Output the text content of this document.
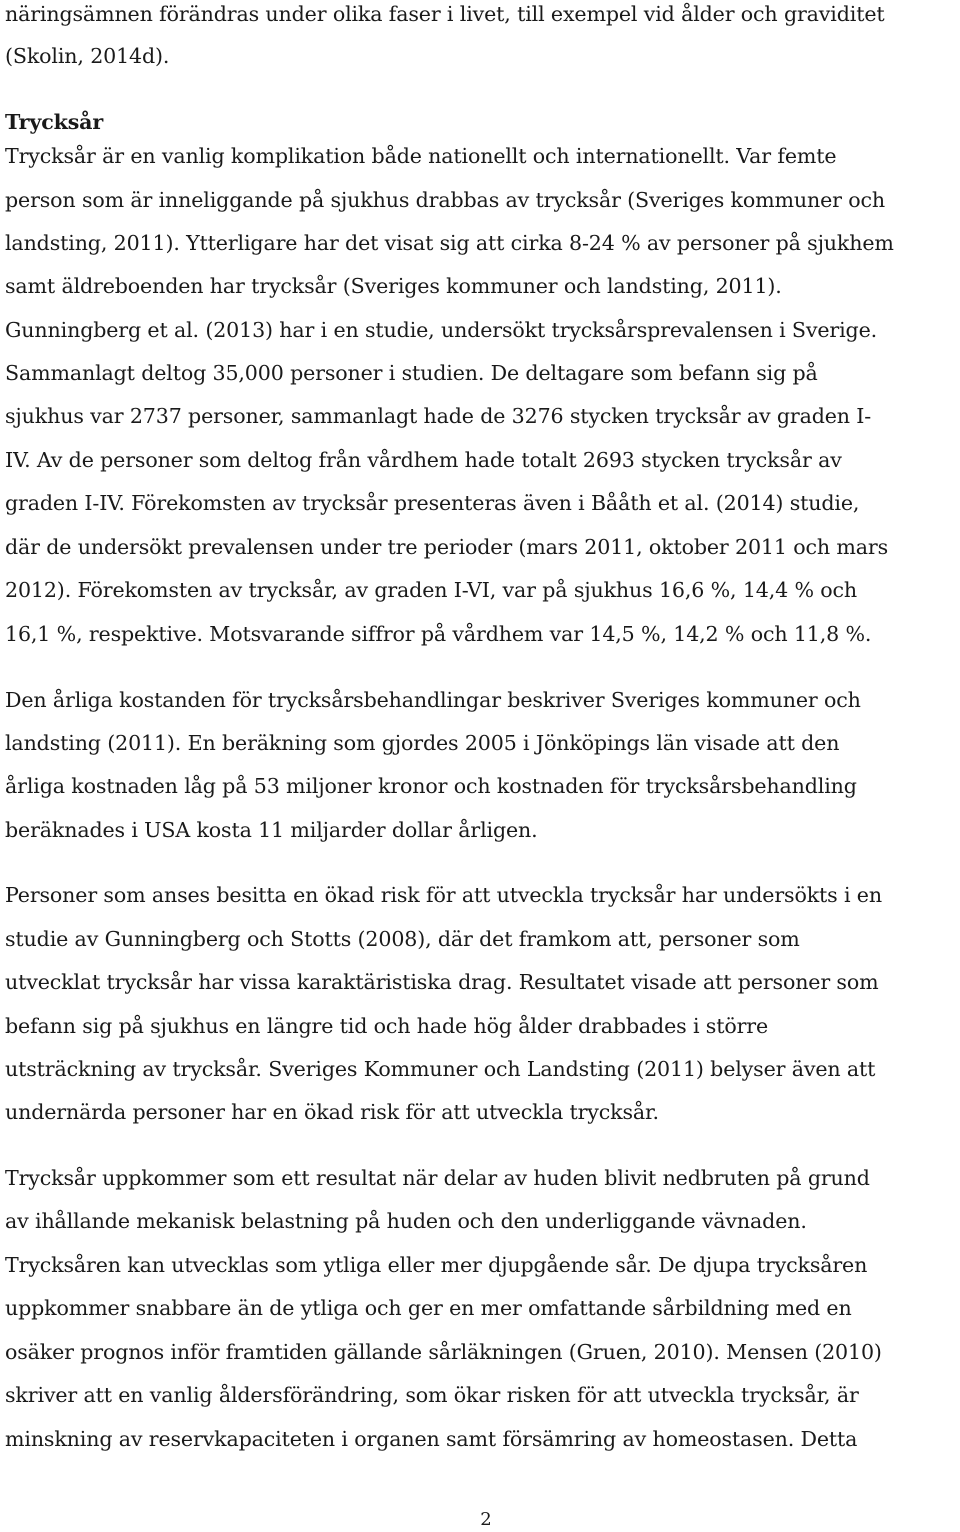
näringsämnen förändras under olika faser i livet, till exempel vid ålder och graviditet
(Skolin, 2014d).
Trycksår
Trycksår är en vanlig komplikation både nationellt och internationellt. Var femte
person som är inneliggande på sjukhus drabbas av trycksår (Sveriges kommuner och
landsting, 2011). Ytterligare har det visat sig att cirka 8-24 % av personer på sjukhem
samt äldreboenden har trycksår (Sveriges kommuner och landsting, 2011).
Gunningberg et al. (2013) har i en studie, undersökt trycksårsprevalensen i Sverige.
Sammanlagt deltog 35,000 personer i studien. De deltagare som befann sig på
sjukhus var 2737 personer, sammanlagt hade de 3276 stycken trycksår av graden I-
IV. Av de personer som deltog från vårdhem hade totalt 2693 stycken trycksår av
graden I-IV. Förekomsten av trycksår presenteras även i Bååth et al. (2014) studie,
där de undersökt prevalensen under tre perioder (mars 2011, oktober 2011 och mars
2012). Förekomsten av trycksår, av graden I-VI, var på sjukhus 16,6 %, 14,4 % och
16,1 %, respektive. Motsvarande siffror på vårdhem var 14,5 %, 14,2 % och 11,8 %.
Den årliga kostanden för trycksårsbehandlingar beskriver Sveriges kommuner och
landsting (2011). En beräkning som gjordes 2005 i Jönköpings län visade att den
årliga kostnaden låg på 53 miljoner kronor och kostnaden för trycksårsbehandling
beräknades i USA kosta 11 miljarder dollar årligen.
Personer som anses besitta en ökad risk för att utveckla trycksår har undersökts i en
studie av Gunningberg och Stotts (2008), där det framkom att, personer som
utvecklat trycksår har vissa karaktäristiska drag. Resultatet visade att personer som
befann sig på sjukhus en längre tid och hade hög ålder drabbades i större
utsträckning av trycksår. Sveriges Kommuner och Landsting (2011) belyser även att
undernärda personer har en ökad risk för att utveckla trycksår.
Trycksår uppkommer som ett resultat när delar av huden blivit nedbruten på grund
av ihållande mekanisk belastning på huden och den underliggande vävnaden.
Trycksåren kan utvecklas som ytliga eller mer djupgående sår. De djupa trycksåren
uppkommer snabbare än de ytliga och ger en mer omfattande sårbildning med en
osäker prognos inför framtiden gällande sårläkningen (Gruen, 2010). Mensen (2010)
skriver att en vanlig åldersförändring, som ökar risken för att utveckla trycksår, är
minskning av reservkapaciteten i organen samt försämring av homeostasen. Detta
2
